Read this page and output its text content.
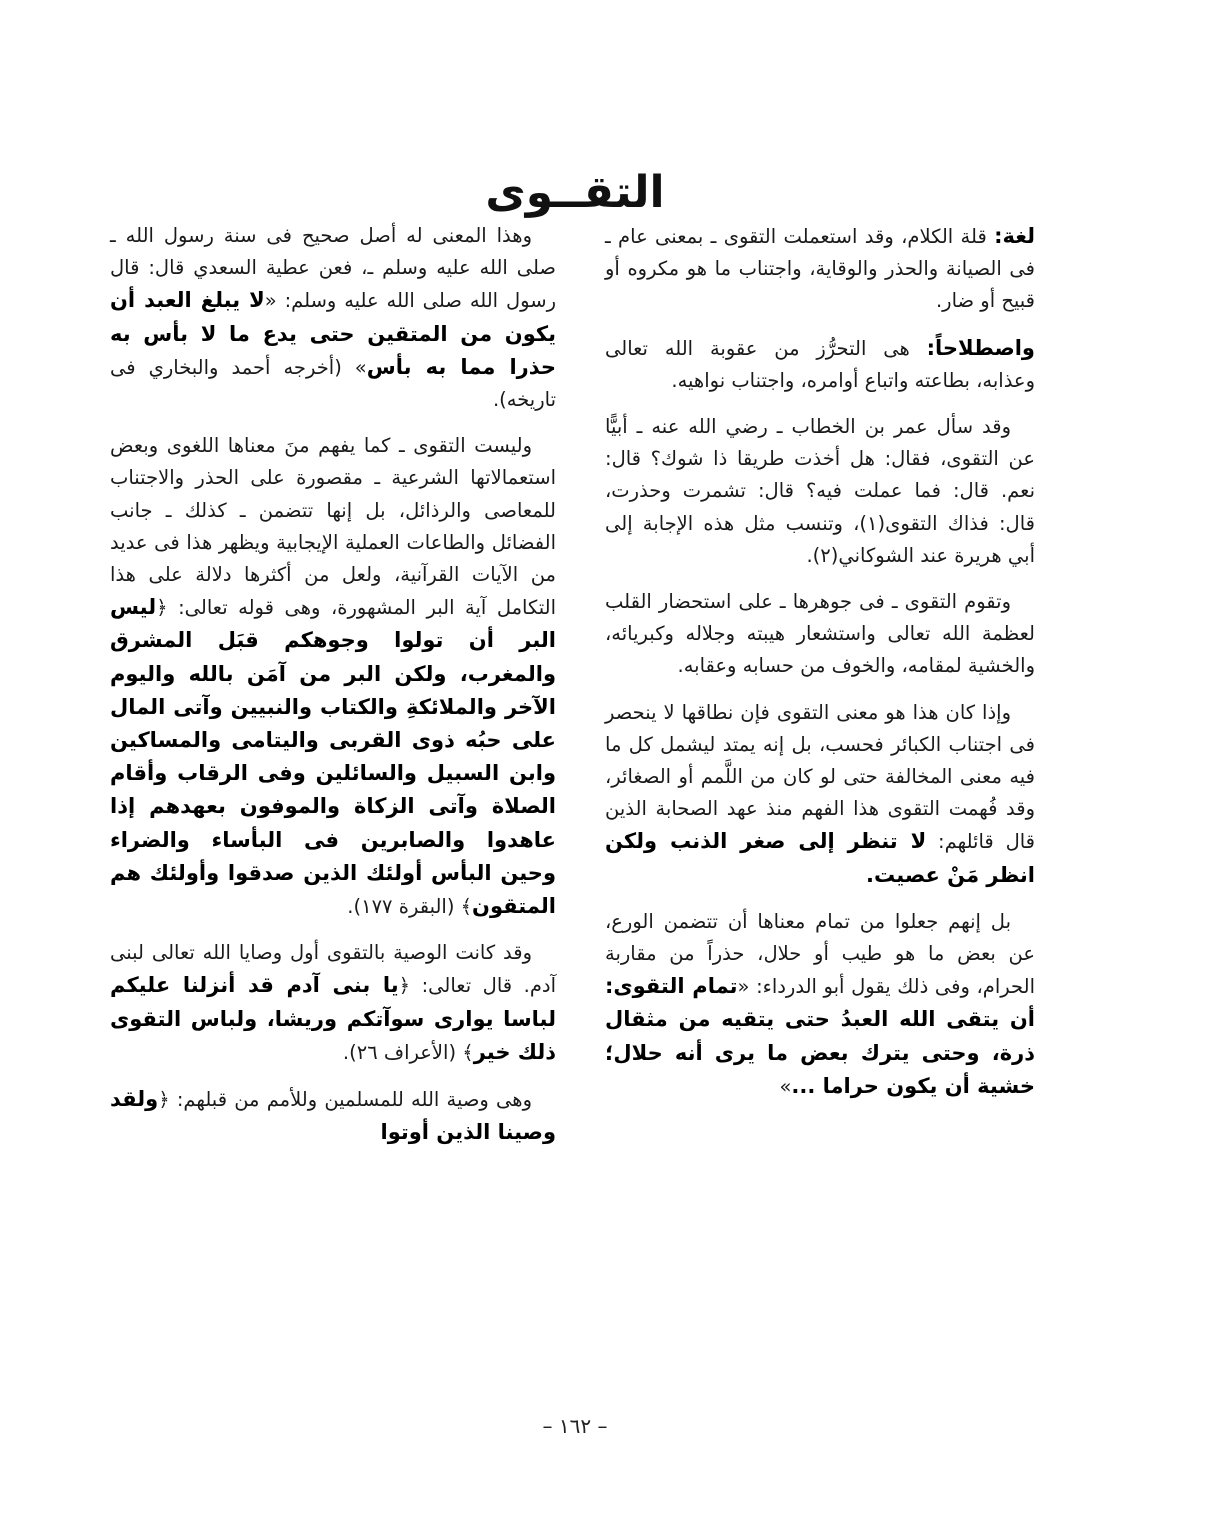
التقــوى

لغة: قلة الكلام، وقد استعملت التقوى ـ بمعنى عام ـ فى الصيانة والحذر والوقاية، واجتناب ما هو مكروه أو قبيح أو ضار.

واصطلاحاً: هى التحرُّز من عقوبة الله تعالى وعذابه، بطاعته واتباع أوامره، واجتناب نواهيه.

وقد سأل عمر بن الخطاب ـ رضي الله عنه ـ أبيًّا عن التقوى، فقال: هل أخذت طريقا ذا شوك؟ قال: نعم. قال: فما عملت فيه؟ قال: تشمرت وحذرت، قال: فذاك التقوى(١)، وتنسب مثل هذه الإجابة إلى أبي هريرة عند الشوكاني(٢).

وتقوم التقوى ـ فى جوهرها ـ على استحضار القلب لعظمة الله تعالى واستشعار هيبته وجلاله وكبريائه، والخشية لمقامه، والخوف من حسابه وعقابه.

وإذا كان هذا هو معنى التقوى فإن نطاقها لا ينحصر فى اجتناب الكبائر فحسب، بل إنه يمتد ليشمل كل ما فيه معنى المخالفة حتى لو كان من اللَّمم أو الصغائر، وقد فُهمت التقوى هذا الفهم منذ عهد الصحابة الذين قال قائلهم: لا تنظر إلى صغر الذنب ولكن انظر مَنْ عصيت.

بل إنهم جعلوا من تمام معناها أن تتضمن الورع، عن بعض ما هو طيب أو حلال، حذراً من مقاربة الحرام، وفى ذلك يقول أبو الدرداء: «تمام التقوى: أن يتقى الله العبدُ حتى يتقيه من مثقال ذرة، وحتى يترك بعض ما يرى أنه حلال؛ خشية أن يكون حراما ...»

وهذا المعنى له أصل صحيح فى سنة رسول الله ـ صلى الله عليه وسلم ـ، فعن عطية السعدي قال: قال رسول الله صلى الله عليه وسلم: «لا يبلغ العبد أن يكون من المتقين حتى يدع ما لا بأس به حذرا مما به بأس» (أخرجه أحمد والبخاري فى تاريخه).

وليست التقوى ـ كما يفهم منَ معناها اللغوى وبعض استعمالاتها الشرعية ـ مقصورة على الحذر والاجتناب للمعاصى والرذائل، بل إنها تتضمن ـ كذلك ـ جانب الفضائل والطاعات العملية الإيجابية ويظهر هذا فى عديد من الآيات القرآنية، ولعل من أكثرها دلالة على هذا التكامل آية البر المشهورة، وهى قوله تعالى: ﴿ليس البر أن تولوا وجوهكم قبَل المشرق والمغرب، ولكن البر من آمَن بالله واليوم الآخر والملائكةِ والكتاب والنبيين وآتى المال على حبُه ذوى القربى واليتامى والمساكين وابن السبيل والسائلين وفى الرقاب وأقام الصلاة وآتى الزكاة والموفون بعهدهم إذا عاهدوا والصابرين فى البأساء والضراء وحين البأس أولئك الذين صدقوا وأولئك هم المتقون﴾ (البقرة ١٧٧).

وقد كانت الوصية بالتقوى أول وصايا الله تعالى لبنى آدم. قال تعالى: ﴿يا بنى آدم قد أنزلنا عليكم لباسا يوارى سوآتكم وريشا، ولباس التقوى ذلك خير﴾ (الأعراف ٢٦).

وهى وصية الله للمسلمين وللأمم من قبلهم: ﴿ولقد وصينا الذين أوتوا

– ١٦٢ –
